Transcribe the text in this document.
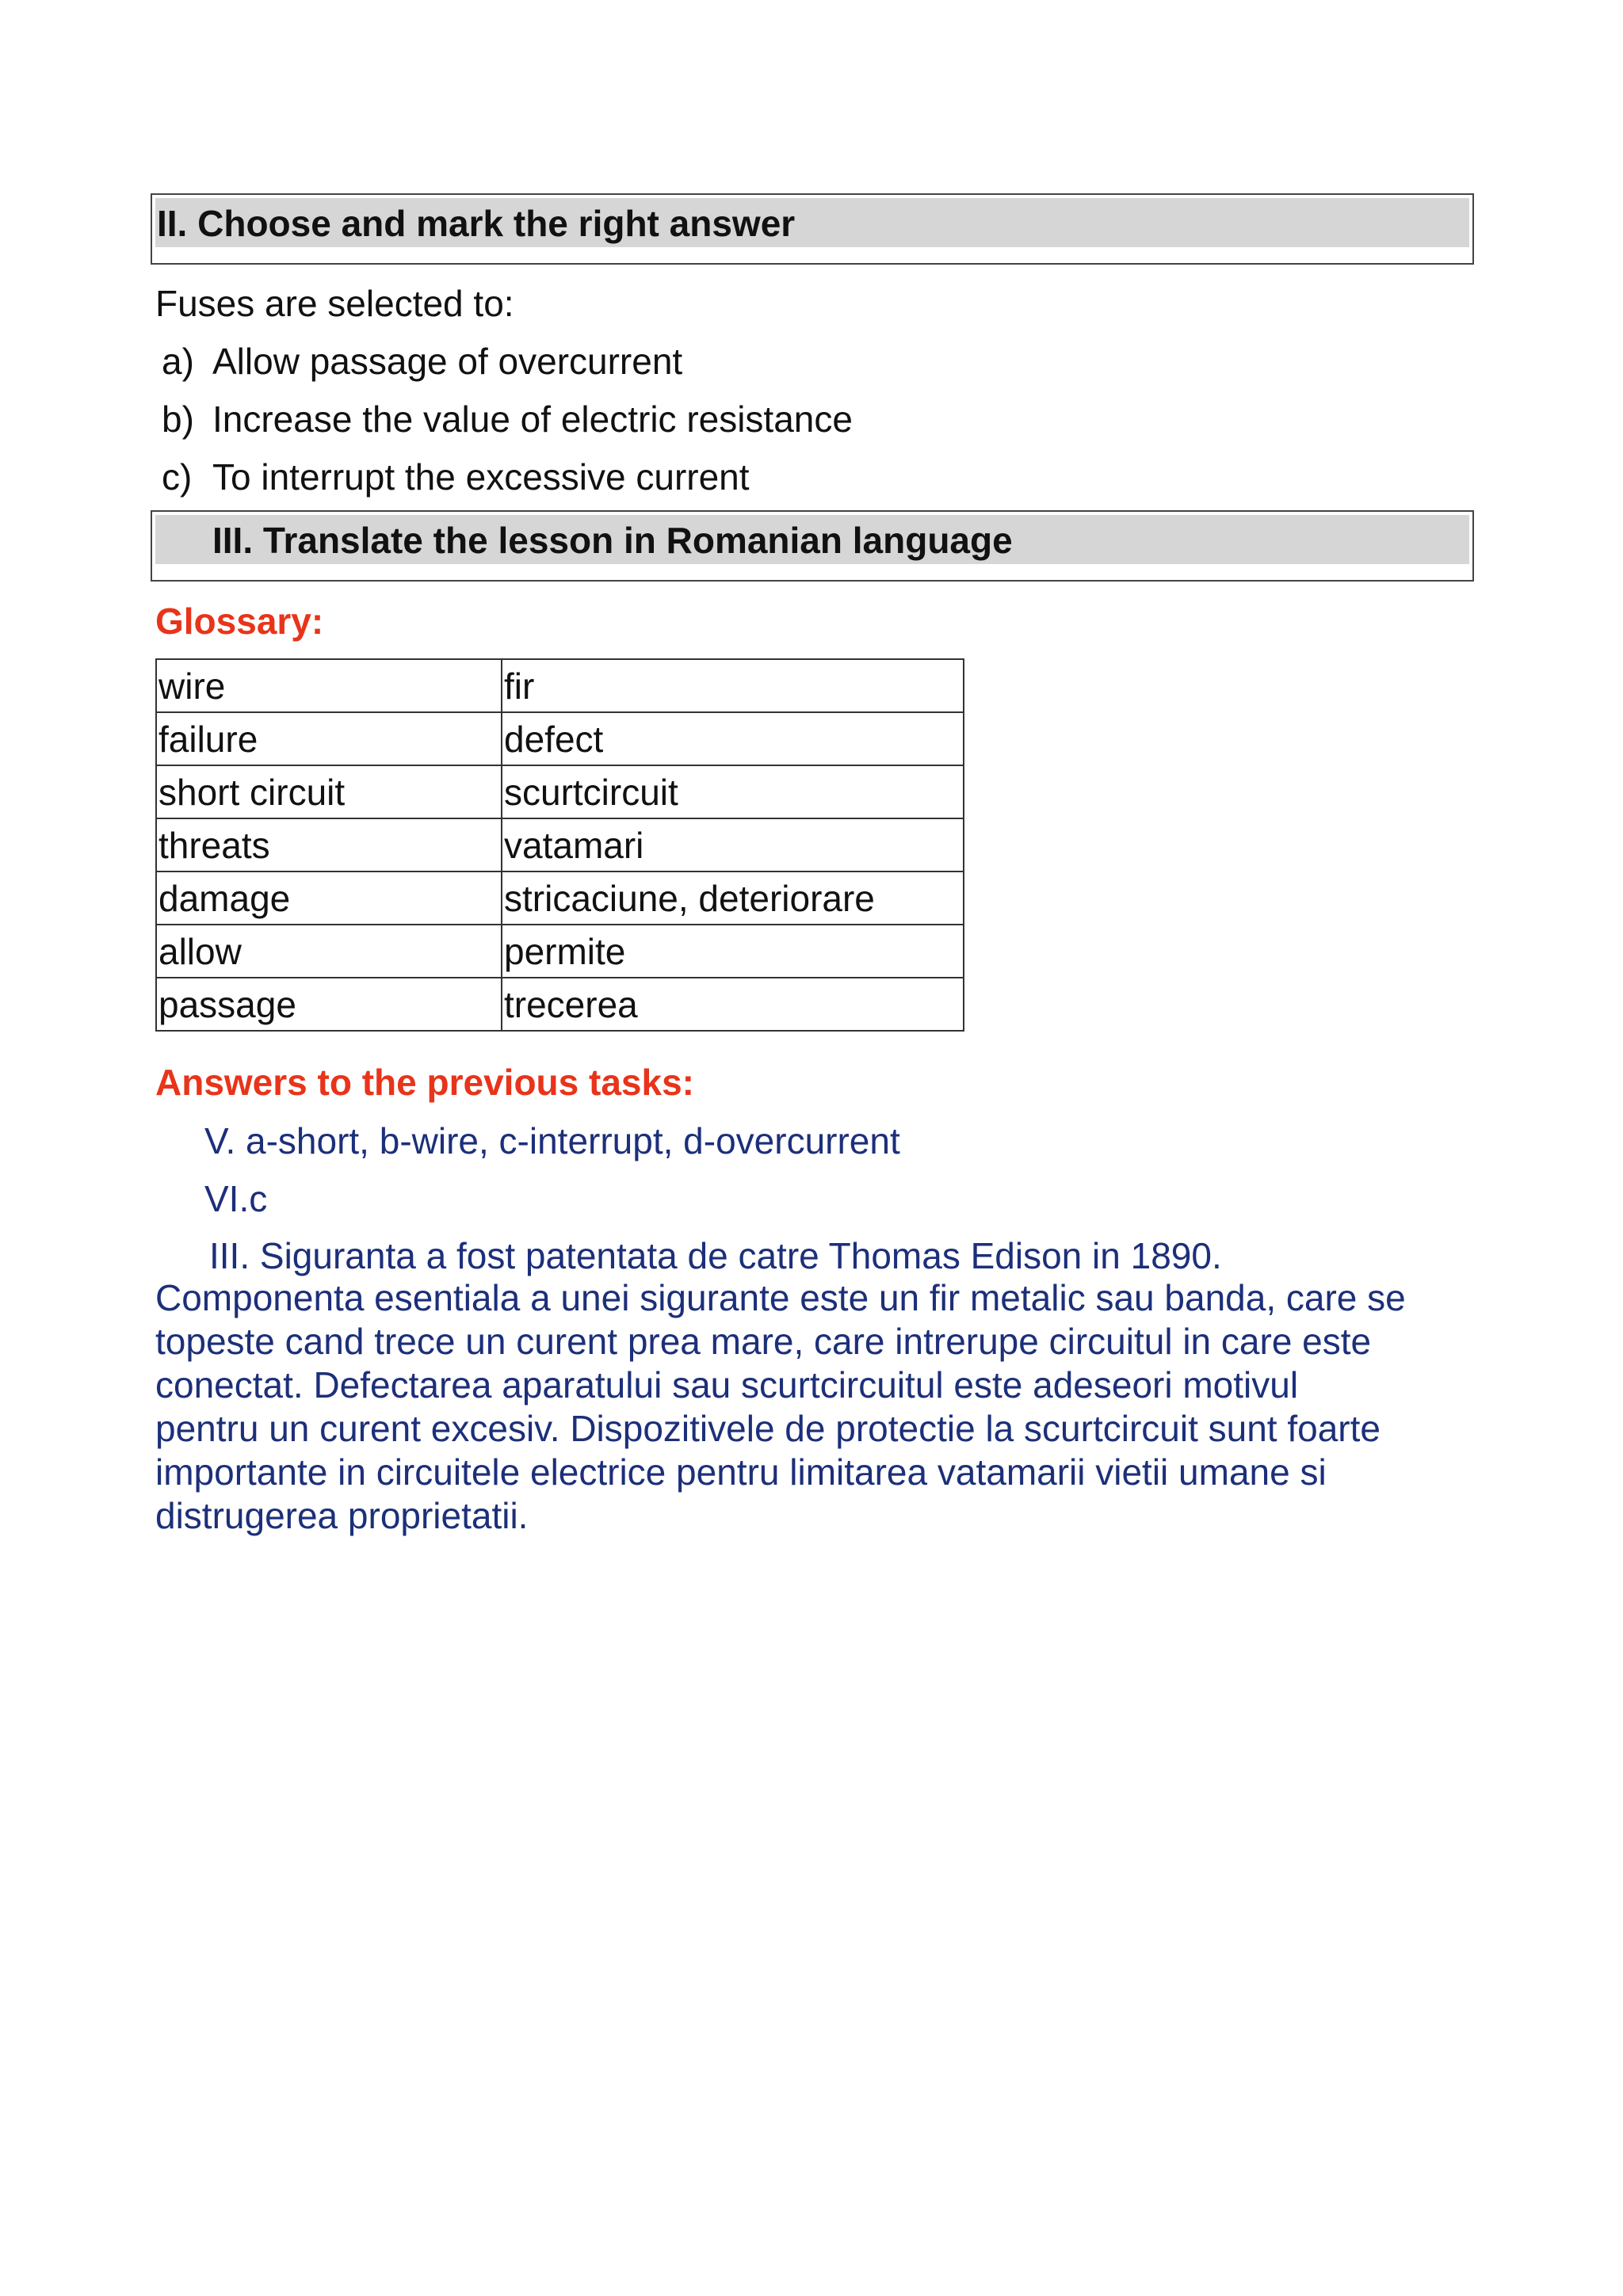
II. Choose and mark the right answer
Fuses are selected to:
a) Allow passage of overcurrent
b) Increase the value of electric resistance
c) To interrupt the excessive current
III. Translate the lesson in Romanian language
Glossary:
wire	fir
failure	defect
short circuit	scurtcircuit
threats	vatamari
damage	stricaciune, deteriorare
allow	permite
passage	trecerea
Answers to the previous tasks:
V. a-short, b-wire, c-interrupt, d-overcurrent
VI.c
III. Siguranta a fost patentata de catre Thomas Edison in 1890.
Componenta esentiala a unei sigurante este un fir metalic sau banda, care se
topeste cand trece un curent prea mare, care intrerupe circuitul in care este
conectat. Defectarea aparatului sau scurtcircuitul este adeseori motivul
pentru un curent excesiv. Dispozitivele de protectie la scurtcircuit sunt foarte
importante in circuitele electrice pentru limitarea vatamarii vietii umane si
distrugerea proprietatii.
